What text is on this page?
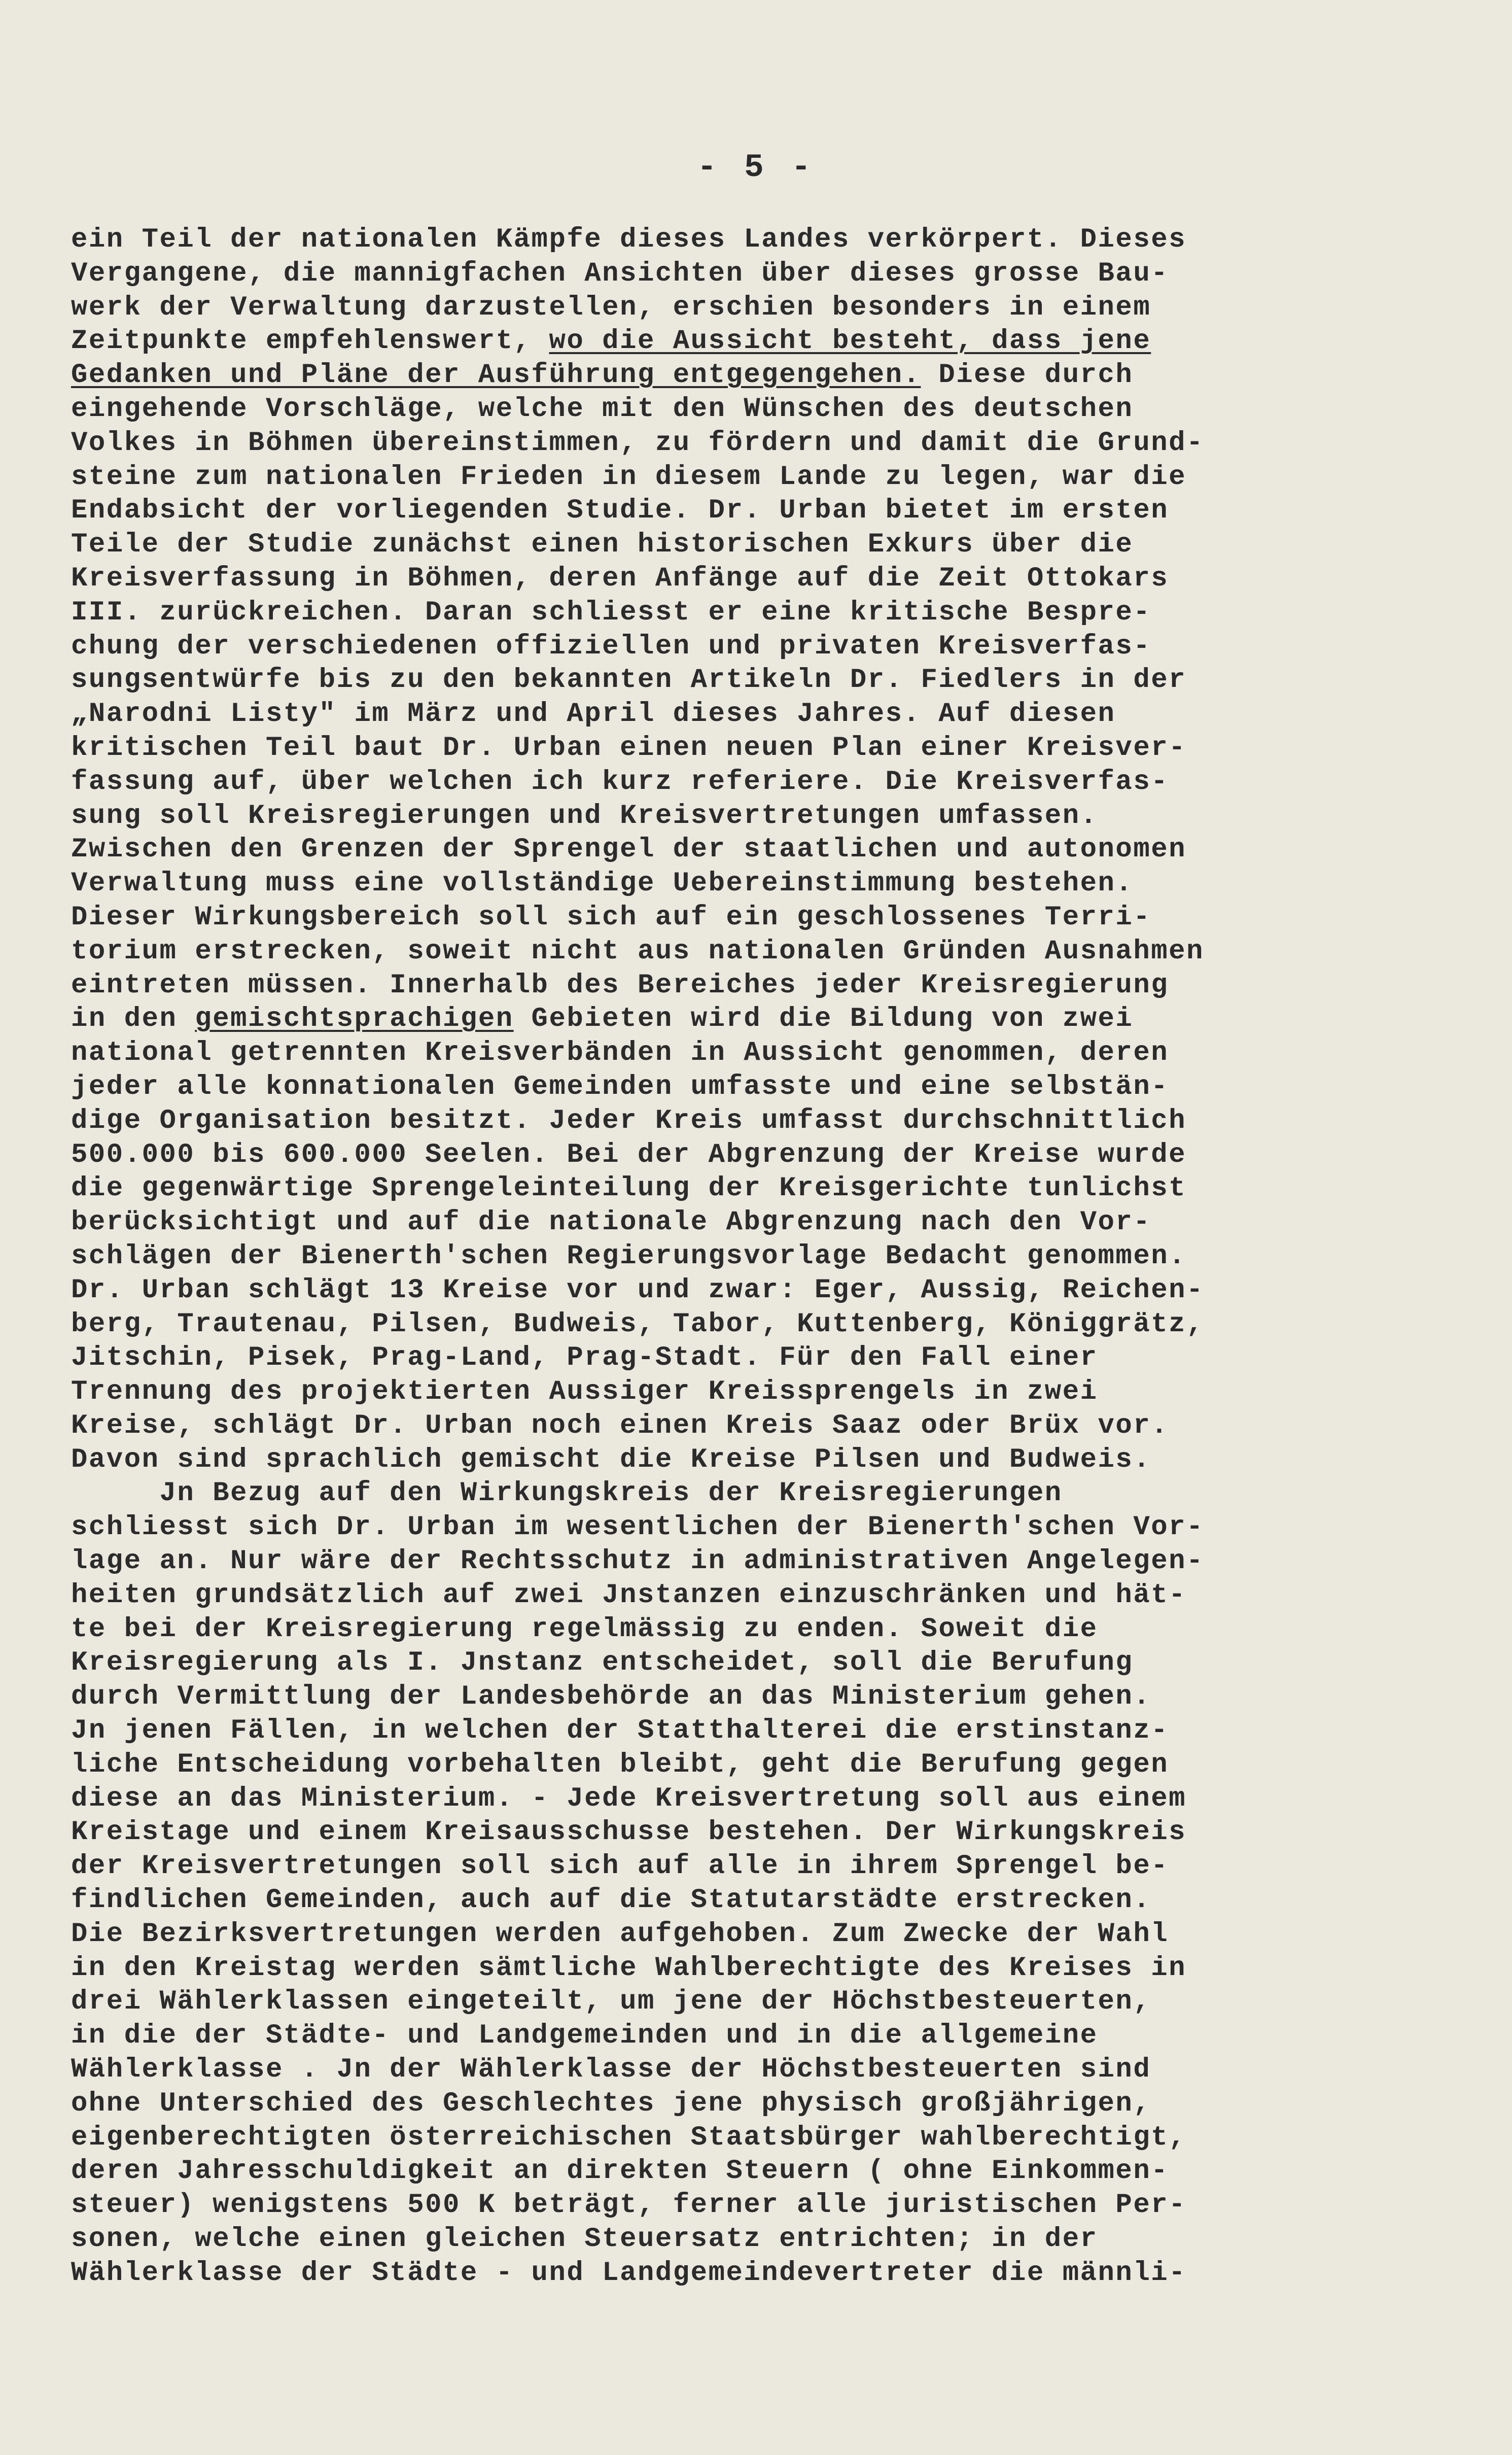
- 5 -
ein Teil der nationalen Kämpfe dieses Landes verkörpert. Dieses
Vergangene, die mannigfachen Ansichten über dieses grosse Bau-
werk der Verwaltung darzustellen, erschien besonders in einem
Zeitpunkte empfehlenswert, wo die Aussicht besteht, dass jene
Gedanken und Pläne der Ausführung entgegengehen. Diese durch
eingehende Vorschläge, welche mit den Wünschen des deutschen
Volkes in Böhmen übereinstimmen, zu fördern und damit die Grund-
steine zum nationalen Frieden in diesem Lande zu legen, war die
Endabsicht der vorliegenden Studie. Dr. Urban bietet im ersten
Teile der Studie zunächst einen historischen Exkurs über die
Kreisverfassung in Böhmen, deren Anfänge auf die Zeit Ottokars
III. zurückreichen. Daran schliesst er eine kritische Bespre-
chung der verschiedenen offiziellen und privaten Kreisverfas-
sungsentwürfe bis zu den bekannten Artikeln Dr. Fiedlers in der
„Narodni Listy" im März und April dieses Jahres. Auf diesen
kritischen Teil baut Dr. Urban einen neuen Plan einer Kreisver-
fassung auf, über welchen ich kurz referiere. Die Kreisverfas-
sung soll Kreisregierungen und Kreisvertretungen umfassen.
Zwischen den Grenzen der Sprengel der staatlichen und autonomen
Verwaltung muss eine vollständige Uebereinstimmung bestehen.
Dieser Wirkungsbereich soll sich auf ein geschlossenes Terri-
torium erstrecken, soweit nicht aus nationalen Gründen Ausnahmen
eintreten müssen. Innerhalb des Bereiches jeder Kreisregierung
in den gemischtsprachigen Gebieten wird die Bildung von zwei
national getrennten Kreisverbänden in Aussicht genommen, deren
jeder alle konnationalen Gemeinden umfasste und eine selbstän-
dige Organisation besitzt. Jeder Kreis umfasst durchschnittlich
500.000 bis 600.000 Seelen. Bei der Abgrenzung der Kreise wurde
die gegenwärtige Sprengeleinteilung der Kreisgerichte tunlichst
berücksichtigt und auf die nationale Abgrenzung nach den Vor-
schlägen der Bienerth'schen Regierungsvorlage Bedacht genommen.
Dr. Urban schlägt 13 Kreise vor und zwar: Eger, Aussig, Reichen-
berg, Trautenau, Pilsen, Budweis, Tabor, Kuttenberg, Königgrätz,
Jitschin, Pisek, Prag-Land, Prag-Stadt. Für den Fall einer
Trennung des projektierten Aussiger Kreissprengels in zwei
Kreise, schlägt Dr. Urban noch einen Kreis Saaz oder Brüx vor.
Davon sind sprachlich gemischt die Kreise Pilsen und Budweis.
Jn Bezug auf den Wirkungskreis der Kreisregierungen
schliesst sich Dr. Urban im wesentlichen der Bienerth'schen Vor-
lage an. Nur wäre der Rechtsschutz in administrativen Angelegen-
heiten grundsätzlich auf zwei Jnstanzen einzuschränken und hät-
te bei der Kreisregierung regelmässig zu enden. Soweit die
Kreisregierung als I. Jnstanz entscheidet, soll die Berufung
durch Vermittlung der Landesbehörde an das Ministerium gehen.
Jn jenen Fällen, in welchen der Statthalterei die erstinstanz-
liche Entscheidung vorbehalten bleibt, geht die Berufung gegen
diese an das Ministerium. - Jede Kreisvertretung soll aus einem
Kreistage und einem Kreisausschusse bestehen. Der Wirkungskreis
der Kreisvertretungen soll sich auf alle in ihrem Sprengel be-
findlichen Gemeinden, auch auf die Statutarstädte erstrecken.
Die Bezirksvertretungen werden aufgehoben. Zum Zwecke der Wahl
in den Kreistag werden sämtliche Wahlberechtigte des Kreises in
drei Wählerklassen eingeteilt, um jene der Höchstbesteuerten,
in die der Städte- und Landgemeinden und in die allgemeine
Wählerklasse . Jn der Wählerklasse der Höchstbesteuerten sind
ohne Unterschied des Geschlechtes jene physisch großjährigen,
eigenberechtigten österreichischen Staatsbürger wahlberechtigt,
deren Jahresschuldigkeit an direkten Steuern ( ohne Einkommen-
steuer) wenigstens 500 K beträgt, ferner alle juristischen Per-
sonen, welche einen gleichen Steuersatz entrichten; in der
Wählerklasse der Städte - und Landgemeindevertreter die männli-
